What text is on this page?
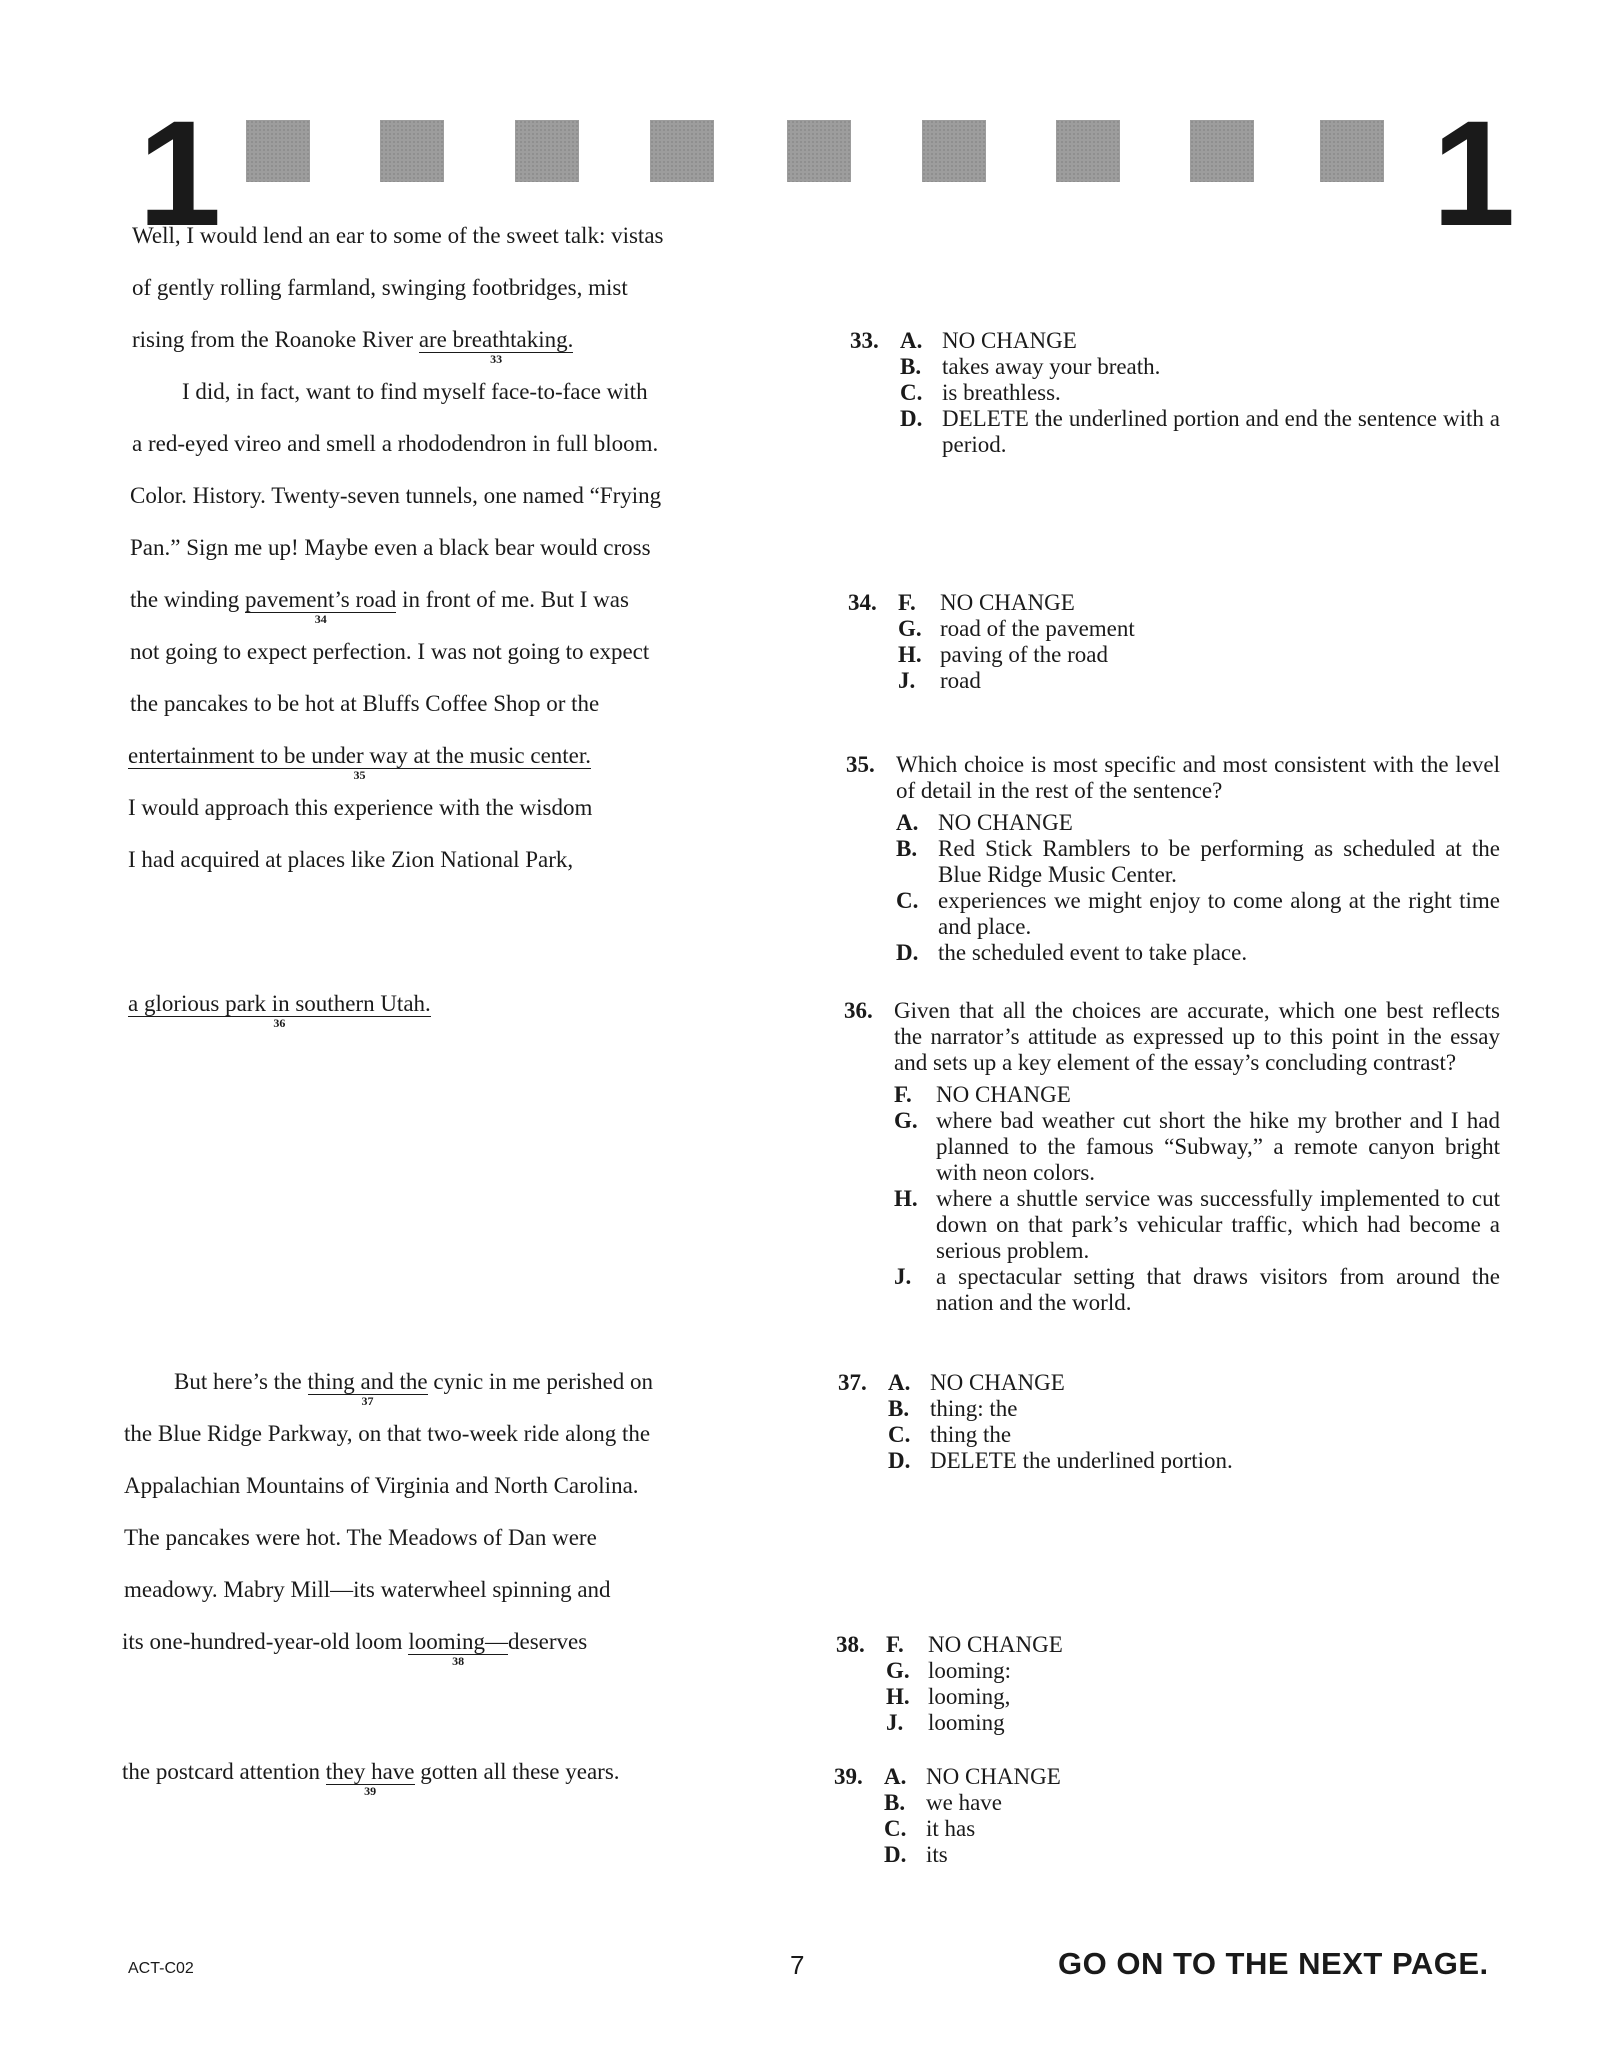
1	1
Well, I would lend an ear to some of the sweet talk: vistas
of gently rolling farmland, swinging footbridges, mist
rising from the Roanoke River are breathtaking.
33
I did, in fact, want to find myself face-to-face with
a red-eyed vireo and smell a rhododendron in full bloom.
Color. History. Twenty-seven tunnels, one named “Frying
Pan.” Sign me up! Maybe even a black bear would cross
the winding pavement’s road
34
in front of me. But I was
not going to expect perfection. I was not going to expect
the pancakes to be hot at Bluffs Coffee Shop or the
entertainment to be under way at the music center.
35
I would approach this experience with the wisdom
I had acquired at places like Zion National Park,
a glorious park in southern Utah.
36
But here’s the thing and the
37
cynic in me perished on
the Blue Ridge Parkway, on that two-week ride along the
Appalachian Mountains of Virginia and North Carolina.
The pancakes were hot. The Meadows of Dan were
meadowy. Mabry Mill—its waterwheel spinning and
its one-hundred-year-old loom looming—
38
deserves
the postcard attention they have
39
gotten all these years.
33. A. NO CHANGE
B. takes away your breath.
C. is breathless.
D. DELETE the underlined portion and end the sentence with a period.
34. F. NO CHANGE
G. road of the pavement
H. paving of the road
J. road
35. Which choice is most specific and most consistent with the level of detail in the rest of the sentence?
A. NO CHANGE
B. Red Stick Ramblers to be performing as scheduled at the Blue Ridge Music Center.
C. experiences we might enjoy to come along at the right time and place.
D. the scheduled event to take place.
36. Given that all the choices are accurate, which one best reflects the narrator’s attitude as expressed up to this point in the essay and sets up a key element of the essay’s concluding contrast?
F. NO CHANGE
G. where bad weather cut short the hike my brother and I had planned to the famous “Subway,” a remote canyon bright with neon colors.
H. where a shuttle service was successfully implemented to cut down on that park’s vehicular traffic, which had become a serious problem.
J. a spectacular setting that draws visitors from around the nation and the world.
37. A. NO CHANGE
B. thing: the
C. thing the
D. DELETE the underlined portion.
38. F. NO CHANGE
G. looming:
H. looming,
J. looming
39. A. NO CHANGE
B. we have
C. it has
D. its
ACT-C02	7	GO ON TO THE NEXT PAGE.
